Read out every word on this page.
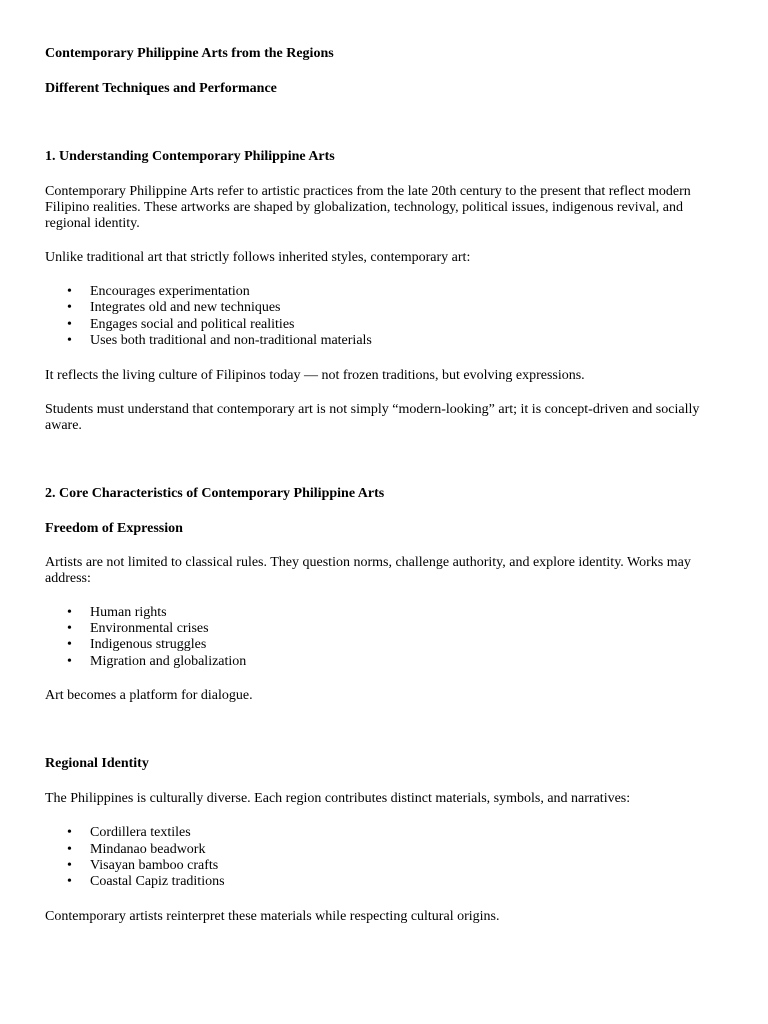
Contemporary Philippine Arts from the Regions

Different Techniques and Performance

1. Understanding Contemporary Philippine Arts

Contemporary Philippine Arts refer to artistic practices from the late 20th century to the present that reflect modern Filipino realities. These artworks are shaped by globalization, technology, political issues, indigenous revival, and regional identity.

Unlike traditional art that strictly follows inherited styles, contemporary art:

• Encourages experimentation
• Integrates old and new techniques
• Engages social and political realities
• Uses both traditional and non-traditional materials

It reflects the living culture of Filipinos today — not frozen traditions, but evolving expressions.

Students must understand that contemporary art is not simply “modern-looking” art; it is concept-driven and socially aware.

2. Core Characteristics of Contemporary Philippine Arts

Freedom of Expression

Artists are not limited to classical rules. They question norms, challenge authority, and explore identity. Works may address:

• Human rights
• Environmental crises
• Indigenous struggles
• Migration and globalization

Art becomes a platform for dialogue.

Regional Identity

The Philippines is culturally diverse. Each region contributes distinct materials, symbols, and narratives:

• Cordillera textiles
• Mindanao beadwork
• Visayan bamboo crafts
• Coastal Capiz traditions

Contemporary artists reinterpret these materials while respecting cultural origins.
